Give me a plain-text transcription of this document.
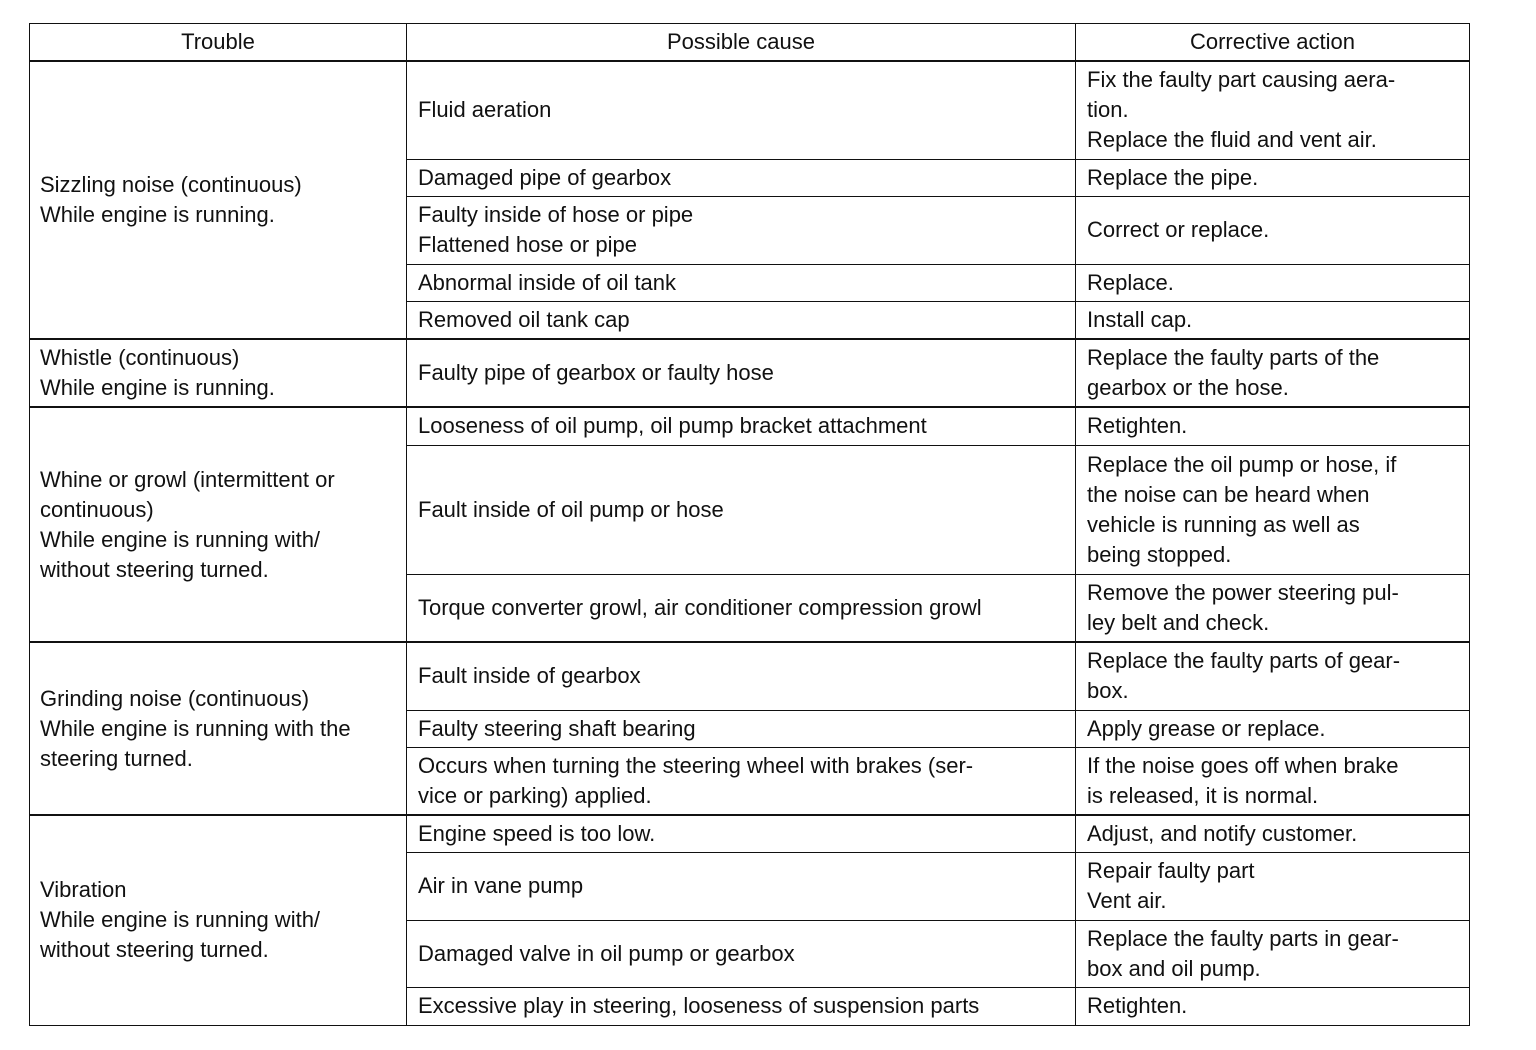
Trouble	Possible cause	Corrective action
Sizzling noise (continuous)
While engine is running.	Fluid aeration	Fix the faulty part causing aera-
tion.
Replace the fluid and vent air.
	Damaged pipe of gearbox	Replace the pipe.
	Faulty inside of hose or pipe
Flattened hose or pipe	Correct or replace.
	Abnormal inside of oil tank	Replace.
	Removed oil tank cap	Install cap.
Whistle (continuous)
While engine is running.	Faulty pipe of gearbox or faulty hose	Replace the faulty parts of the
gearbox or the hose.
Whine or growl (intermittent or
continuous)
While engine is running with/
without steering turned.	Looseness of oil pump, oil pump bracket attachment	Retighten.
	Fault inside of oil pump or hose	Replace the oil pump or hose, if
the noise can be heard when
vehicle is running as well as
being stopped.
	Torque converter growl, air conditioner compression growl	Remove the power steering pul-
ley belt and check.
Grinding noise (continuous)
While engine is running with the
steering turned.	Fault inside of gearbox	Replace the faulty parts of gear-
box.
	Faulty steering shaft bearing	Apply grease or replace.
	Occurs when turning the steering wheel with brakes (ser-
vice or parking) applied.	If the noise goes off when brake
is released, it is normal.
Vibration
While engine is running with/
without steering turned.	Engine speed is too low.	Adjust, and notify customer.
	Air in vane pump	Repair faulty part
Vent air.
	Damaged valve in oil pump or gearbox	Replace the faulty parts in gear-
box and oil pump.
	Excessive play in steering, looseness of suspension parts	Retighten.
